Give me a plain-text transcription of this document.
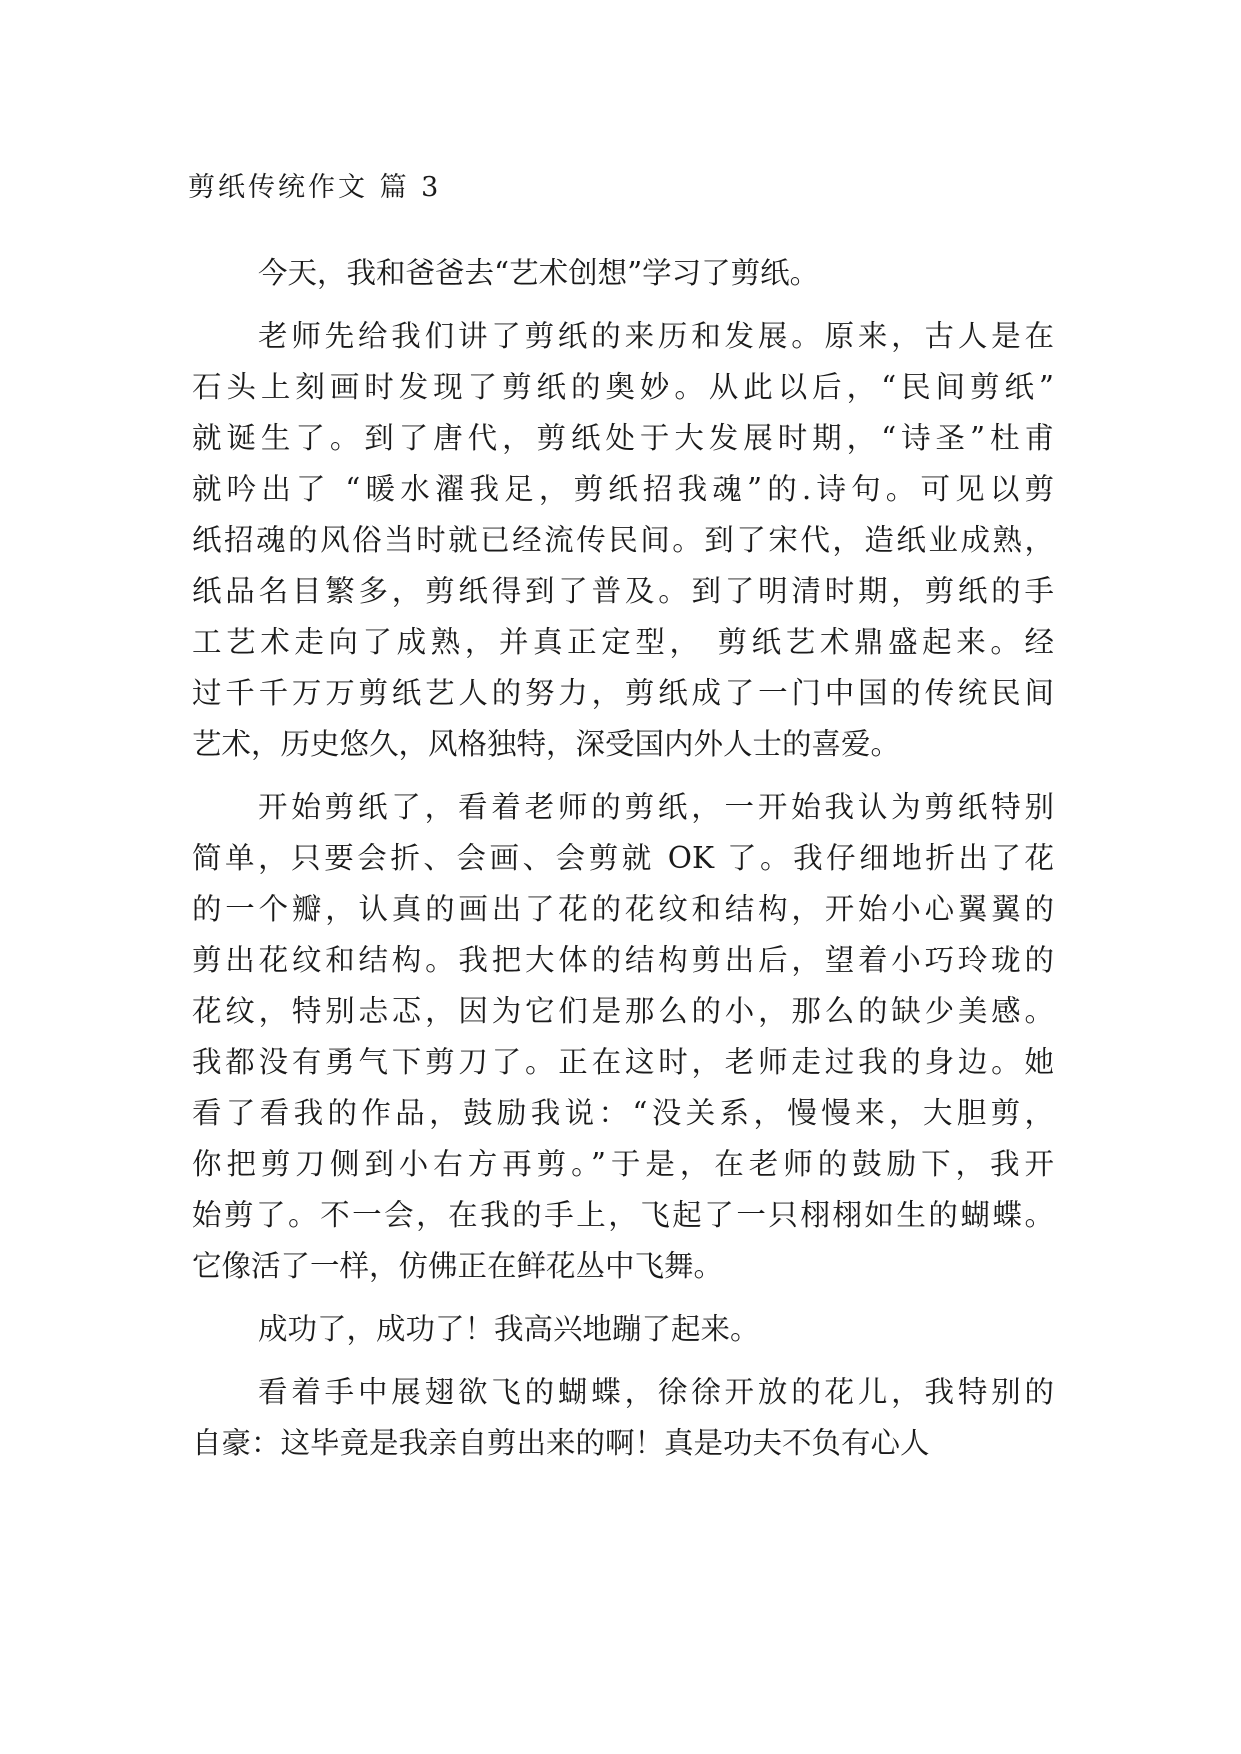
剪纸传统作文 篇 3
今天，我和爸爸去“艺术创想”学习了剪纸。
老师先给我们讲了剪纸的来历和发展。原来，古人是在
石头上刻画时发现了剪纸的奥妙。从此以后，“民间剪纸”
就诞生了。到了唐代，剪纸处于大发展时期，“诗圣”杜甫
就吟出了 “暖水濯我足，剪纸招我魂”的.诗句。可见以剪
纸招魂的风俗当时就已经流传民间。到了宋代，造纸业成熟，
纸品名目繁多，剪纸得到了普及。到了明清时期，剪纸的手
工艺术走向了成熟，并真正定型， 剪纸艺术鼎盛起来。经
过千千万万剪纸艺人的努力，剪纸成了一门中国的传统民间
艺术，历史悠久，风格独特，深受国内外人士的喜爱。
开始剪纸了，看着老师的剪纸，一开始我认为剪纸特别
简单，只要会折、会画、会剪就 OK 了。我仔细地折出了花
的一个瓣，认真的画出了花的花纹和结构，开始小心翼翼的
剪出花纹和结构。我把大体的结构剪出后，望着小巧玲珑的
花纹，特别忐忑，因为它们是那么的小，那么的缺少美感。
我都没有勇气下剪刀了。正在这时，老师走过我的身边。她
看了看我的作品，鼓励我说：“没关系，慢慢来，大胆剪，
你把剪刀侧到小右方再剪。”于是，在老师的鼓励下，我开
始剪了。不一会，在我的手上，飞起了一只栩栩如生的蝴蝶。
它像活了一样，仿佛正在鲜花丛中飞舞。
成功了，成功了！我高兴地蹦了起来。
看着手中展翅欲飞的蝴蝶，徐徐开放的花儿，我特别的
自豪：这毕竟是我亲自剪出来的啊！真是功夫不负有心人
